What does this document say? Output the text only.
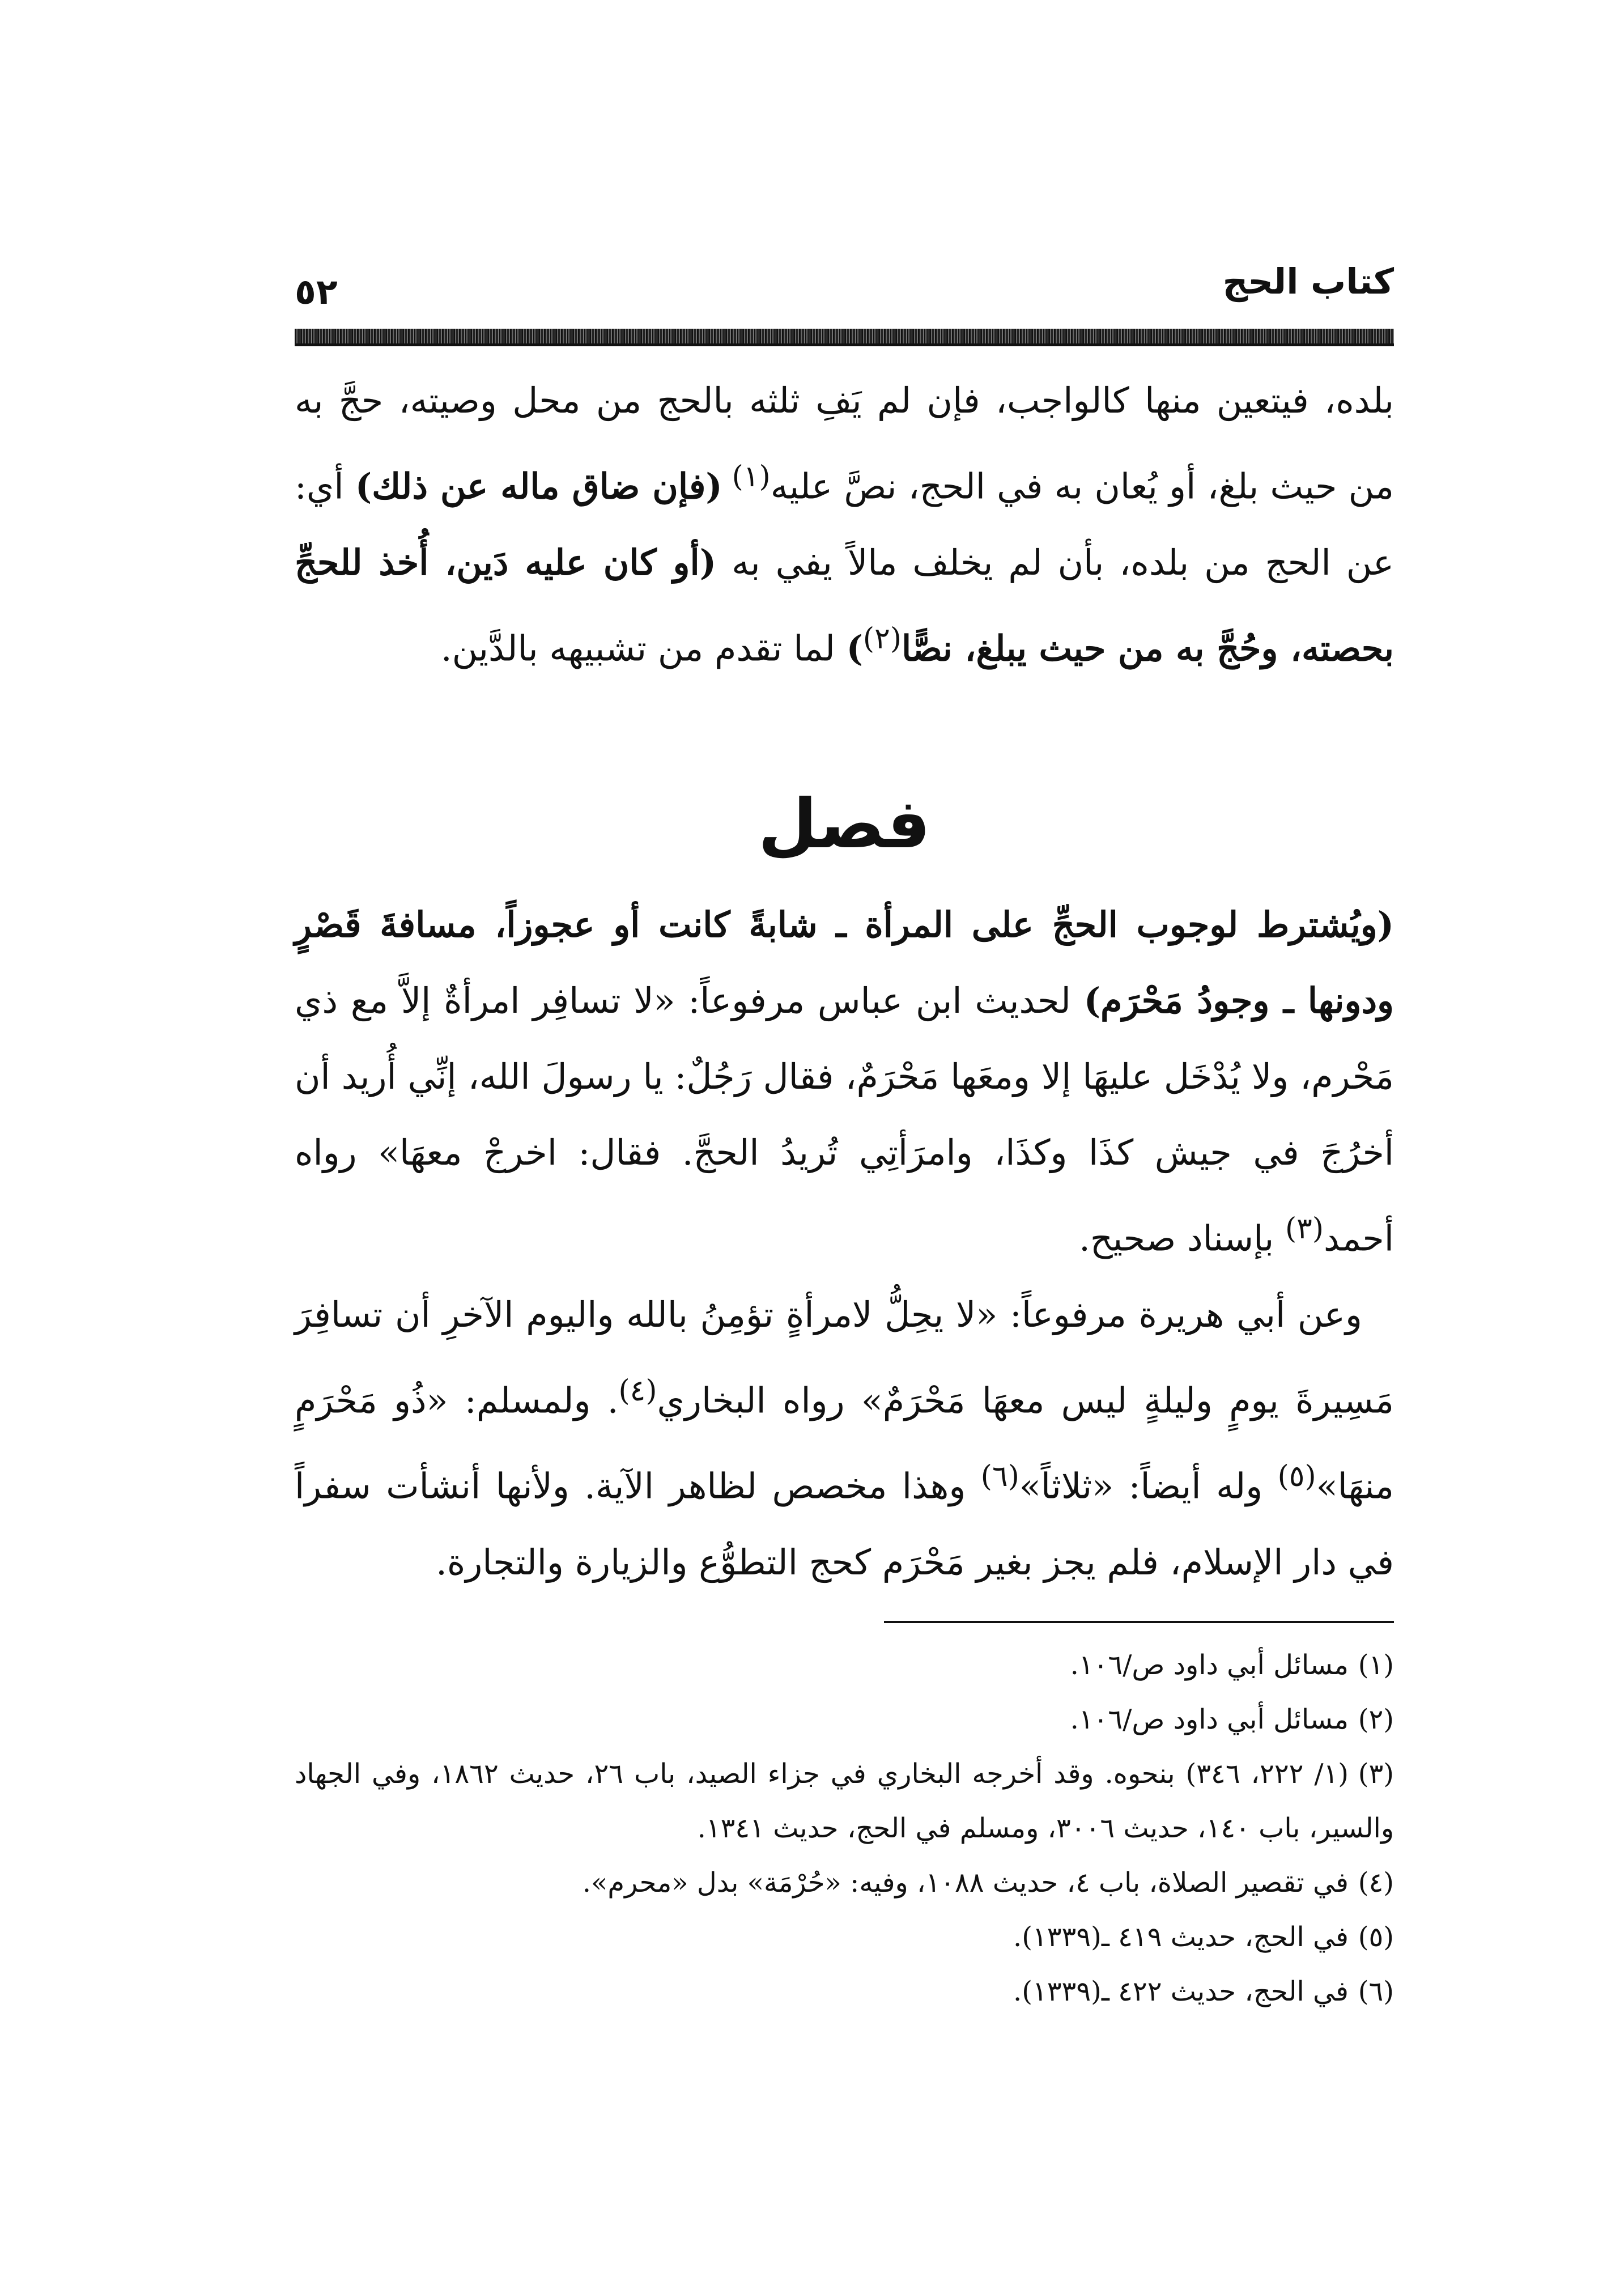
كتاب الحج
٥٢

بلده، فيتعين منها كالواجب، فإن لم يَفِ ثلثه بالحج من محل وصيته، حجَّ به من حيث بلغ، أو يُعان به في الحج، نصَّ عليه$^{(١)}$ (فإن ضاق ماله عن ذلك) أي: عن الحج من بلده، بأن لم يخلف مالاً يفي به (أو كان عليه دَين، أُخذ للحجِّ بحصته، وحُجَّ به من حيث يبلغ، نصًّا$^{(٢)}$) لما تقدم من تشبيهه بالدَّين.

فصل

(ويُشترط لوجوب الحجِّ على المرأة ـ شابةً كانت أو عجوزاً، مسافةَ قَصْرٍ ودونها ـ وجودُ مَحْرَم) لحديث ابن عباس مرفوعاً: «لا تسافِر امرأةٌ إلاَّ مع ذي مَحْرم، ولا يُدْخَل عليهَا إلا ومعَها مَحْرَمٌ، فقال رَجُلٌ: يا رسولَ الله، إنِّي أُريد أن أخرُجَ في جيش كذَا وكذَا، وامرَأتِي تُريدُ الحجَّ. فقال: اخرجْ معهَا» رواه أحمد$^{(٣)}$ بإسناد صحيح.

وعن أبي هريرة مرفوعاً: «لا يحِلُّ لامرأةٍ تؤمِنُ بالله واليوم الآخرِ أن تسافِرَ مَسِيرةَ يومٍ وليلةٍ ليس معهَا مَحْرَمٌ» رواه البخاري$^{(٤)}$. ولمسلم: «ذُو مَحْرَمٍ منهَا»$^{(٥)}$ وله أيضاً: «ثلاثاً»$^{(٦)}$ وهذا مخصص لظاهر الآية. ولأنها أنشأت سفراً في دار الإسلام، فلم يجز بغير مَحْرَم كحج التطوُّع والزيارة والتجارة.

(١)مسائل أبي داود ص/١٠٦.

(٢)مسائل أبي داود ص/١٠٦.

(٣)(١/ ٢٢٢، ٣٤٦) بنحوه. وقد أخرجه البخاري في جزاء الصيد، باب ٢٦، حديث ١٨٦٢، وفي الجهاد والسير، باب ١٤٠، حديث ٣٠٠٦، ومسلم في الحج، حديث ١٣٤١.

(٤)في تقصير الصلاة، باب ٤، حديث ١٠٨٨، وفيه: «حُرْمَة» بدل «محرم».

(٥)في الحج، حديث ٤١٩ ـ(١٣٣٩).

(٦)في الحج، حديث ٤٢٢ ـ(١٣٣٩).
